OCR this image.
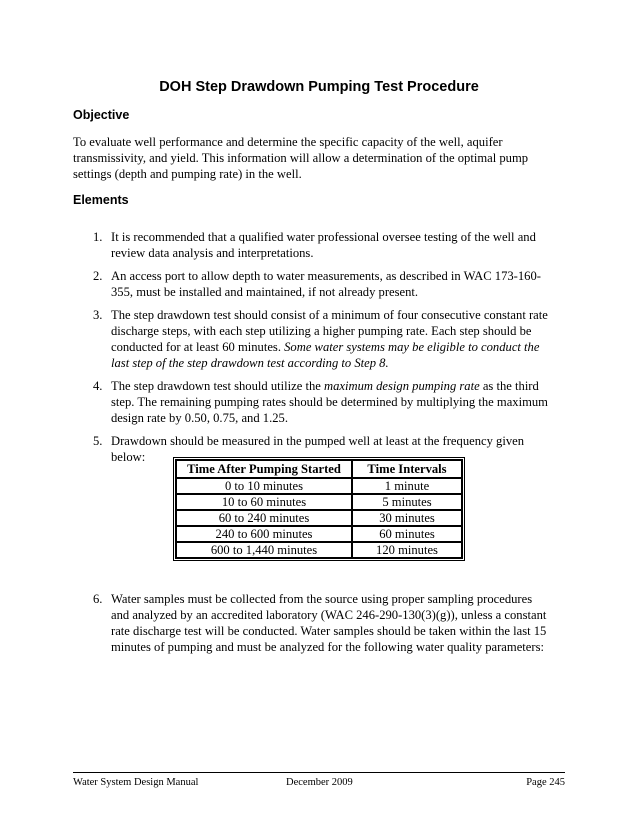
DOH Step Drawdown Pumping Test Procedure
Objective
To evaluate well performance and determine the specific capacity of the well, aquifer transmissivity, and yield. This information will allow a determination of the optimal pump settings (depth and pumping rate) in the well.
Elements
1. It is recommended that a qualified water professional oversee testing of the well and review data analysis and interpretations.
2. An access port to allow depth to water measurements, as described in WAC 173-160-355, must be installed and maintained, if not already present.
3. The step drawdown test should consist of a minimum of four consecutive constant rate discharge steps, with each step utilizing a higher pumping rate. Each step should be conducted for at least 60 minutes. Some water systems may be eligible to conduct the last step of the step drawdown test according to Step 8.
4. The step drawdown test should utilize the maximum design pumping rate as the third step. The remaining pumping rates should be determined by multiplying the maximum design rate by 0.50, 0.75, and 1.25.
5. Drawdown should be measured in the pumped well at least at the frequency given below:
Time After Pumping Started	Time Intervals
0 to 10 minutes	1 minute
10 to 60 minutes	5 minutes
60 to 240 minutes	30 minutes
240 to 600 minutes	60 minutes
600 to 1,440 minutes	120 minutes
6. Water samples must be collected from the source using proper sampling procedures and analyzed by an accredited laboratory (WAC 246-290-130(3)(g)), unless a constant rate discharge test will be conducted. Water samples should be taken within the last 15 minutes of pumping and must be analyzed for the following water quality parameters:
Water System Design Manual	December 2009	Page 245
